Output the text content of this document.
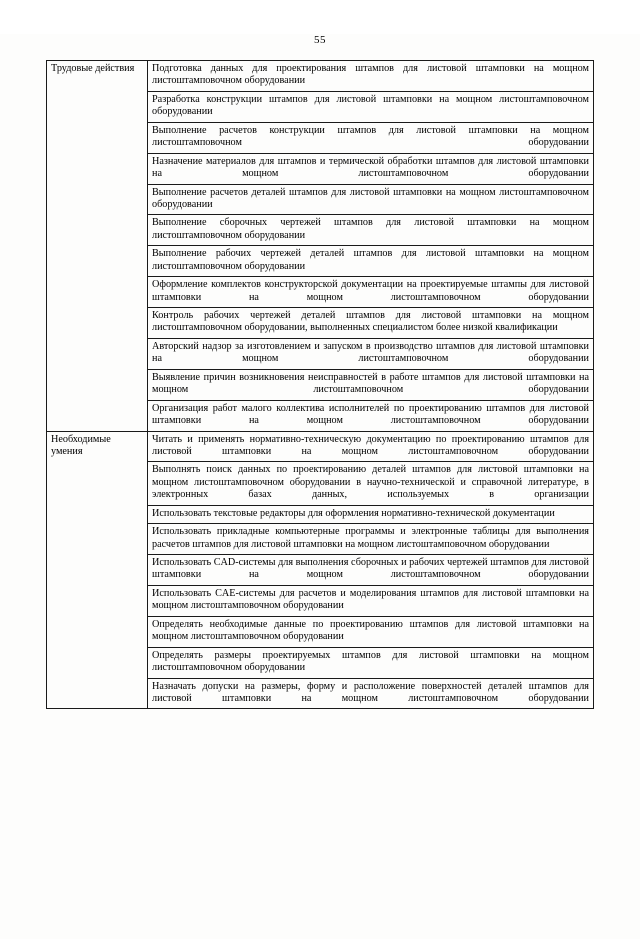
55
Трудовые действия	Подготовка данных для проектирования штампов для листовой штамповки на мощном листоштамповочном оборудовании
	Разработка конструкции штампов для листовой штамповки на мощном листоштамповочном оборудовании
	Выполнение расчетов конструкции штампов для листовой штамповки на мощном листоштамповочном оборудовании
	Назначение материалов для штампов и термической обработки штампов для листовой штамповки на мощном листоштамповочном оборудовании
	Выполнение расчетов деталей штампов для листовой штамповки на мощном листоштамповочном оборудовании
	Выполнение сборочных чертежей штампов для листовой штамповки на мощном листоштамповочном оборудовании
	Выполнение рабочих чертежей деталей штампов для листовой штамповки на мощном листоштамповочном оборудовании
	Оформление комплектов конструкторской документации на проектируемые штампы для листовой штамповки на мощном листоштамповочном оборудовании
	Контроль рабочих чертежей деталей штампов для листовой штамповки на мощном листоштамповочном оборудовании, выполненных специалистом более низкой квалификации
	Авторский надзор за изготовлением и запуском в производство штампов для листовой штамповки на мощном листоштамповочном оборудовании
	Выявление причин возникновения неисправностей в работе штампов для листовой штамповки на мощном листоштамповочном оборудовании
	Организация работ малого коллектива исполнителей по проектированию штампов для листовой штамповки на мощном листоштамповочном оборудовании
Необходимые умения	Читать и применять нормативно-техническую документацию по проектированию штампов для листовой штамповки на мощном листоштамповочном оборудовании
	Выполнять поиск данных по проектированию деталей штампов для листовой штамповки на мощном листоштамповочном оборудовании в научно-технической и справочной литературе, в электронных базах данных, используемых в организации
	Использовать текстовые редакторы для оформления нормативно-технической документации
	Использовать прикладные компьютерные программы и электронные таблицы для выполнения расчетов штампов для листовой штамповки на мощном листоштамповочном оборудовании
	Использовать CAD-системы для выполнения сборочных и рабочих чертежей штампов для листовой штамповки на мощном листоштамповочном оборудовании
	Использовать CAE-системы для расчетов и моделирования штампов для листовой штамповки на мощном листоштамповочном оборудовании
	Определять необходимые данные по проектированию штампов для листовой штамповки на мощном листоштамповочном оборудовании
	Определять размеры проектируемых штампов для листовой штамповки на мощном листоштамповочном оборудовании
	Назначать допуски на размеры, форму и расположение поверхностей деталей штампов для листовой штамповки на мощном листоштамповочном оборудовании
